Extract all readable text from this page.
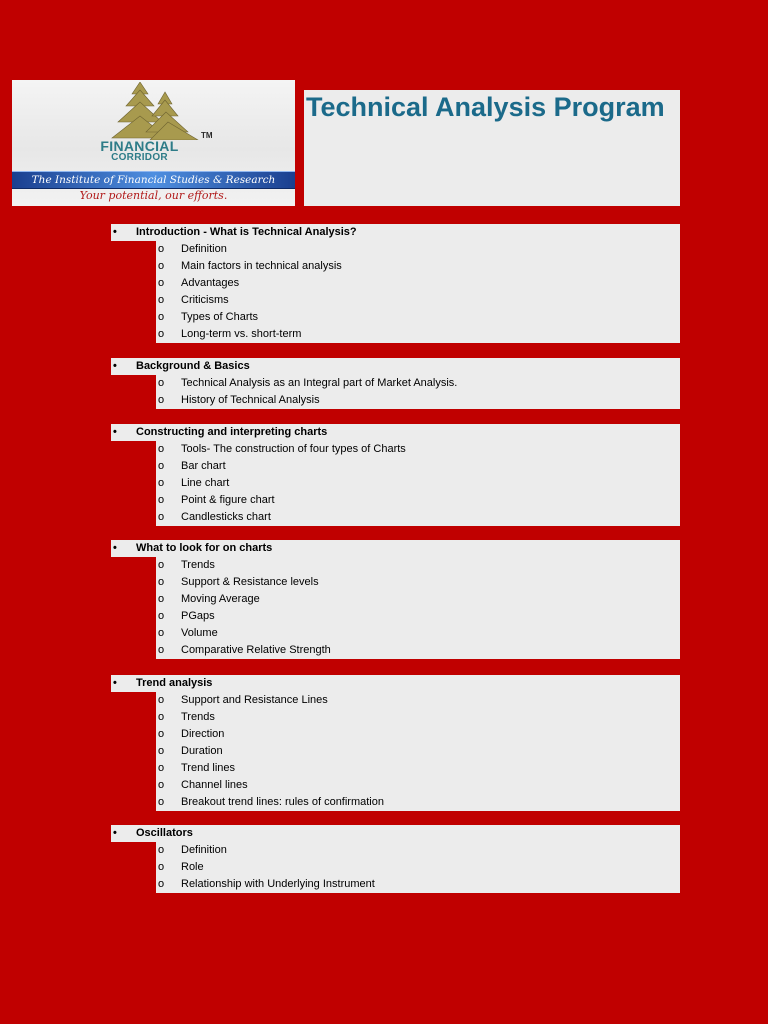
TM
FINANCIAL
CORRIDOR
The Institute of Financial Studies & Research
Your potential, our efforts.
Technical Analysis Program
• Introduction - What is Technical Analysis?
o Definition
o Main factors in technical analysis
o Advantages
o Criticisms
o Types of Charts
o Long-term vs. short-term
• Background & Basics
o Technical Analysis as an Integral part of Market Analysis.
o History of Technical Analysis
• Constructing and interpreting charts
o Tools- The construction of four types of Charts
o Bar chart
o Line chart
o Point & figure chart
o Candlesticks chart
• What to look for on charts
o Trends
o Support & Resistance levels
o Moving Average
o PGaps
o Volume
o Comparative Relative Strength
• Trend analysis
o Support and Resistance Lines
o Trends
o Direction
o Duration
o Trend lines
o Channel lines
o Breakout trend lines: rules of confirmation
• Oscillators
o Definition
o Role
o Relationship with Underlying Instrument
